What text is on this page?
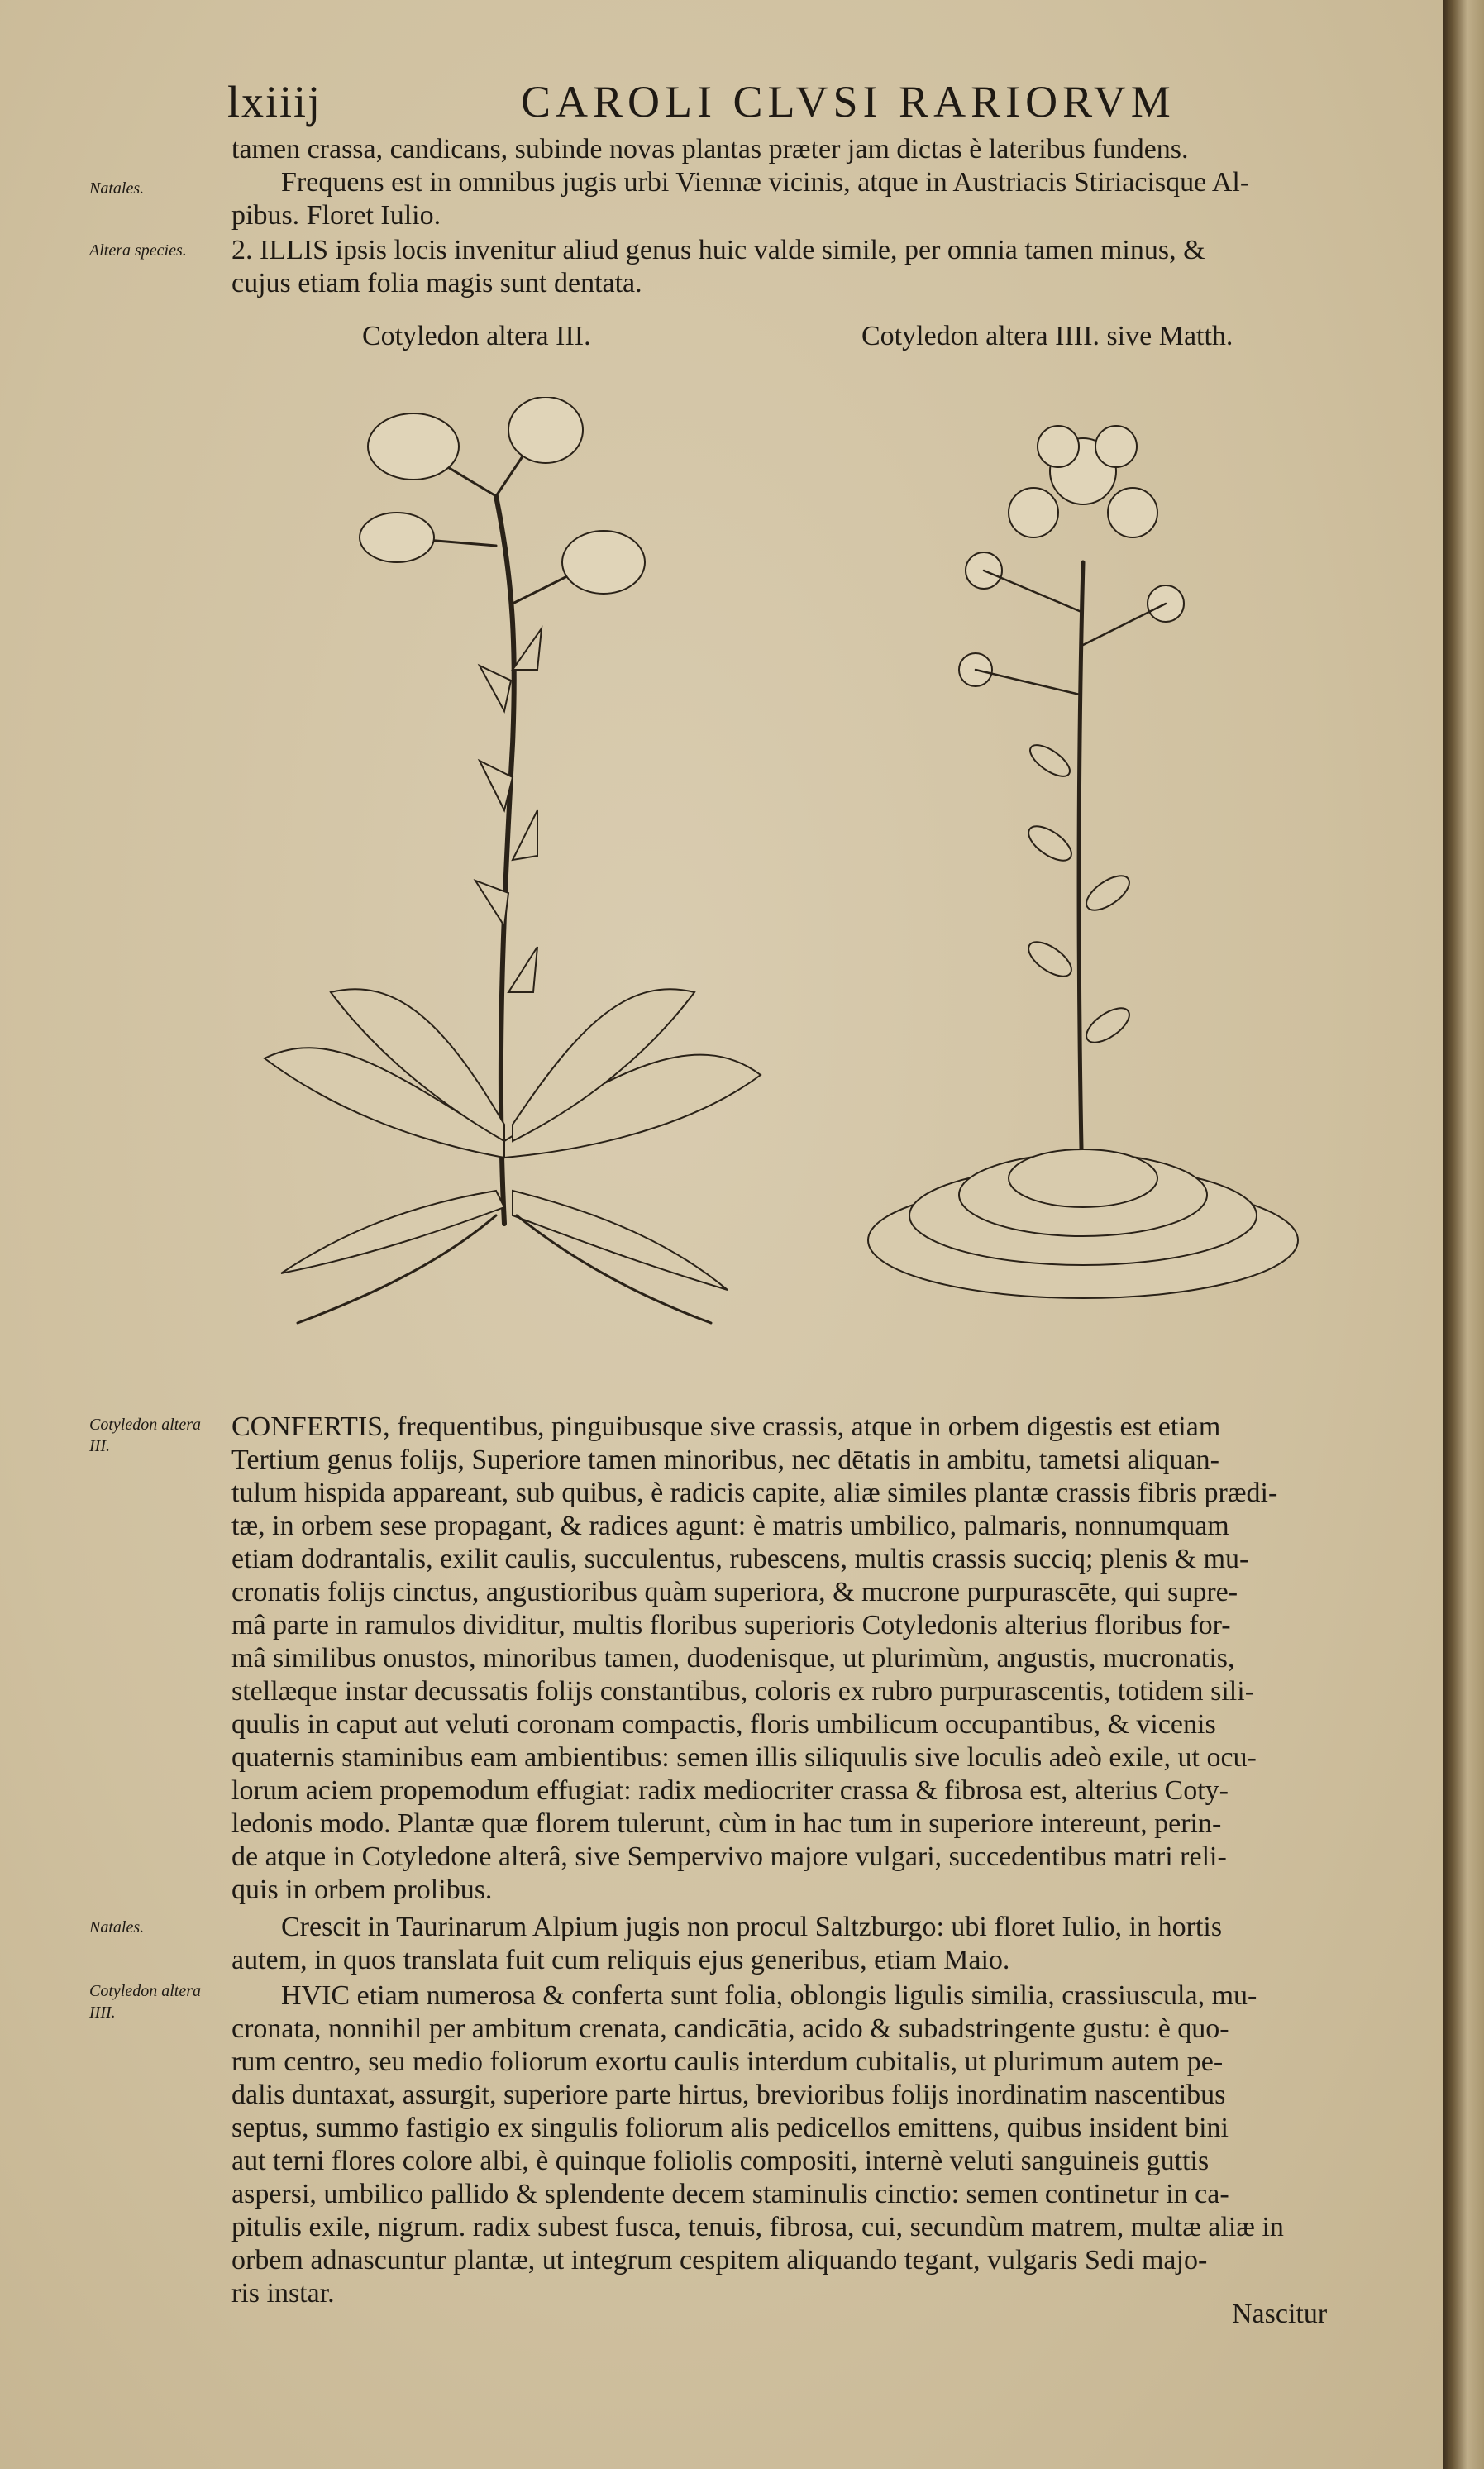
lxiiij	CAROLI CLVSI RARIORVM
tamen crassa, candicans, subinde novas plantas præter jam dictas è lateribus fundens.
Frequens est in omnibus jugis urbi Viennæ vicinis, atque in Austriacis Stiriacisque Al-
pibus. Floret Iulio.
2. ILLIS ipsis locis invenitur aliud genus huic valde simile, per omnia tamen minus, &
cujus etiam folia magis sunt dentata.
Natales.
Altera species.
Cotyledon altera III.	Cotyledon altera IIII. sive Matth.
Cotyledon altera III.
CONFERTIS, frequentibus, pinguibusque sive crassis, atque in orbem digestis est etiam
Tertium genus folijs, Superiore tamen minoribus, nec dētatis in ambitu, tametsi aliquan-
tulum hispida appareant, sub quibus, è radicis capite, aliæ similes plantæ crassis fibris prædi-
tæ, in orbem sese propagant, & radices agunt: è matris umbilico, palmaris, nonnumquam
etiam dodrantalis, exilit caulis, succulentus, rubescens, multis crassis succiq; plenis & mu-
cronatis folijs cinctus, angustioribus quàm superiora, & mucrone purpurascēte, qui supre-
mâ parte in ramulos dividitur, multis floribus superioris Cotyledonis alterius floribus for-
mâ similibus onustos, minoribus tamen, duodenisque, ut plurimùm, angustis, mucronatis,
stellæque instar decussatis folijs constantibus, coloris ex rubro purpurascentis, totidem sili-
quulis in caput aut veluti coronam compactis, floris umbilicum occupantibus, & vicenis
quaternis staminibus eam ambientibus: semen illis siliquulis sive loculis adeò exile, ut ocu-
lorum aciem propemodum effugiat: radix mediocriter crassa & fibrosa est, alterius Coty-
ledonis modo. Plantæ quæ florem tulerunt, cùm in hac tum in superiore intereunt, perin-
de atque in Cotyledone alterâ, sive Sempervivo majore vulgari, succedentibus matri reli-
quis in orbem prolibus.
Natales.	Crescit in Taurinarum Alpium jugis non procul Saltzburgo: ubi floret Iulio, in hortis
autem, in quos translata fuit cum reliquis ejus generibus, etiam Maio.
Cotyledon altera IIII.
HVIC etiam numerosa & conferta sunt folia, oblongis ligulis similia, crassiuscula, mu-
cronata, nonnihil per ambitum crenata, candicātia, acido & subadstringente gustu: è quo-
rum centro, seu medio foliorum exortu caulis interdum cubitalis, ut plurimum autem pe-
dalis duntaxat, assurgit, superiore parte hirtus, brevioribus folijs inordinatim nascentibus
septus, summo fastigio ex singulis foliorum alis pedicellos emittens, quibus insident bini
aut terni flores colore albi, è quinque foliolis compositi, internè veluti sanguineis guttis
aspersi, umbilico pallido & splendente decem staminulis cinctio: semen continetur in ca-
pitulis exile, nigrum. radix subest fusca, tenuis, fibrosa, cui, secundùm matrem, multæ aliæ in
orbem adnascuntur plantæ, ut integrum cespitem aliquando tegant, vulgaris Sedi majo-
ris instar.
Nascitur
